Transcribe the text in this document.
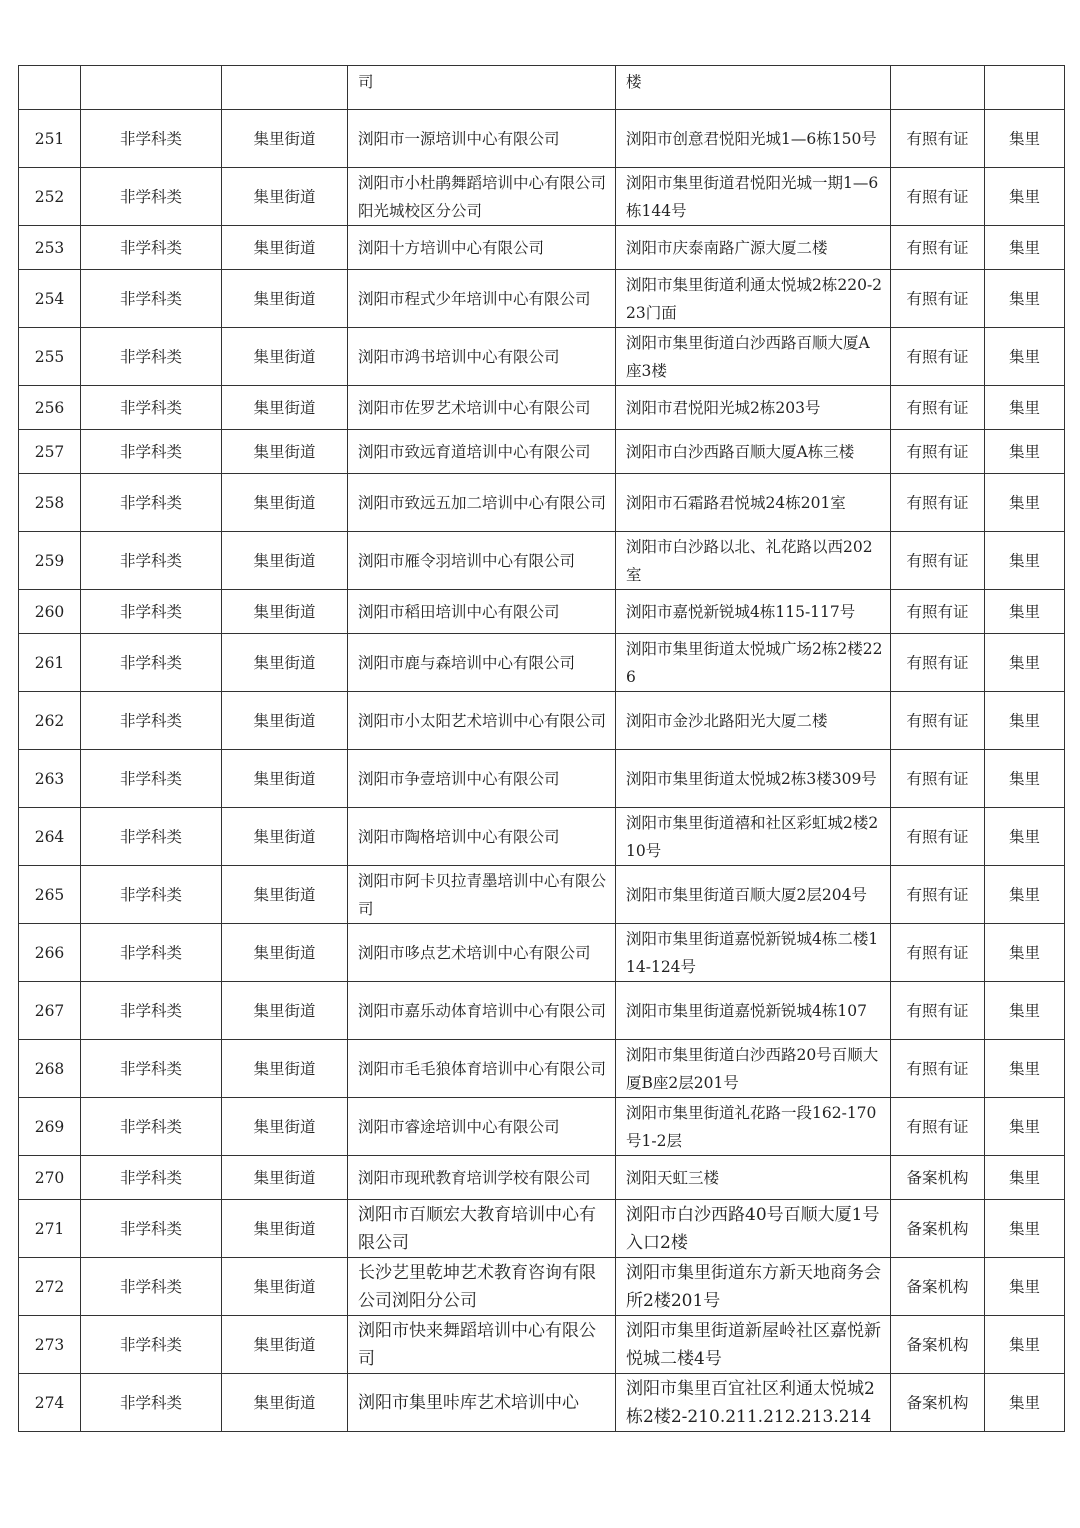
			司	楼		
251	非学科类	集里街道	浏阳市一源培训中心有限公司	浏阳市创意君悦阳光城1—6栋150号	有照有证	集里
252	非学科类	集里街道	浏阳市小杜鹃舞蹈培训中心有限公司阳光城校区分公司	浏阳市集里街道君悦阳光城一期1—6栋144号	有照有证	集里
253	非学科类	集里街道	浏阳十方培训中心有限公司	浏阳市庆泰南路广源大厦二楼	有照有证	集里
254	非学科类	集里街道	浏阳市程式少年培训中心有限公司	浏阳市集里街道利通太悦城2栋220-223门面	有照有证	集里
255	非学科类	集里街道	浏阳市鸿书培训中心有限公司	浏阳市集里街道白沙西路百顺大厦A座3楼	有照有证	集里
256	非学科类	集里街道	浏阳市佐罗艺术培训中心有限公司	浏阳市君悦阳光城2栋203号	有照有证	集里
257	非学科类	集里街道	浏阳市致远育道培训中心有限公司	浏阳市白沙西路百顺大厦A栋三楼	有照有证	集里
258	非学科类	集里街道	浏阳市致远五加二培训中心有限公司	浏阳市石霜路君悦城24栋201室	有照有证	集里
259	非学科类	集里街道	浏阳市雁令羽培训中心有限公司	浏阳市白沙路以北、礼花路以西202室	有照有证	集里
260	非学科类	集里街道	浏阳市稻田培训中心有限公司	浏阳市嘉悦新锐城4栋115-117号	有照有证	集里
261	非学科类	集里街道	浏阳市鹿与森培训中心有限公司	浏阳市集里街道太悦城广场2栋2楼226	有照有证	集里
262	非学科类	集里街道	浏阳市小太阳艺术培训中心有限公司	浏阳市金沙北路阳光大厦二楼	有照有证	集里
263	非学科类	集里街道	浏阳市争壹培训中心有限公司	浏阳市集里街道太悦城2栋3楼309号	有照有证	集里
264	非学科类	集里街道	浏阳市陶格培训中心有限公司	浏阳市集里街道禧和社区彩虹城2楼210号	有照有证	集里
265	非学科类	集里街道	浏阳市阿卡贝拉青墨培训中心有限公司	浏阳市集里街道百顺大厦2层204号	有照有证	集里
266	非学科类	集里街道	浏阳市哆点艺术培训中心有限公司	浏阳市集里街道嘉悦新锐城4栋二楼114-124号	有照有证	集里
267	非学科类	集里街道	浏阳市嘉乐动体育培训中心有限公司	浏阳市集里街道嘉悦新锐城4栋107	有照有证	集里
268	非学科类	集里街道	浏阳市毛毛狼体育培训中心有限公司	浏阳市集里街道白沙西路20号百顺大厦B座2层201号	有照有证	集里
269	非学科类	集里街道	浏阳市睿途培训中心有限公司	浏阳市集里街道礼花路一段162-170号1-2层	有照有证	集里
270	非学科类	集里街道	浏阳市现玳教育培训学校有限公司	浏阳天虹三楼	备案机构	集里
271	非学科类	集里街道	浏阳市百顺宏大教育培训中心有限公司	浏阳市白沙西路40号百顺大厦1号入口2楼	备案机构	集里
272	非学科类	集里街道	长沙艺里乾坤艺术教育咨询有限公司浏阳分公司	浏阳市集里街道东方新天地商务会所2楼201号	备案机构	集里
273	非学科类	集里街道	浏阳市快来舞蹈培训中心有限公司	浏阳市集里街道新屋岭社区嘉悦新悦城二楼4号	备案机构	集里
274	非学科类	集里街道	浏阳市集里咔库艺术培训中心	浏阳市集里百宜社区利通太悦城2栋2楼2-210.211.212.213.214	备案机构	集里
